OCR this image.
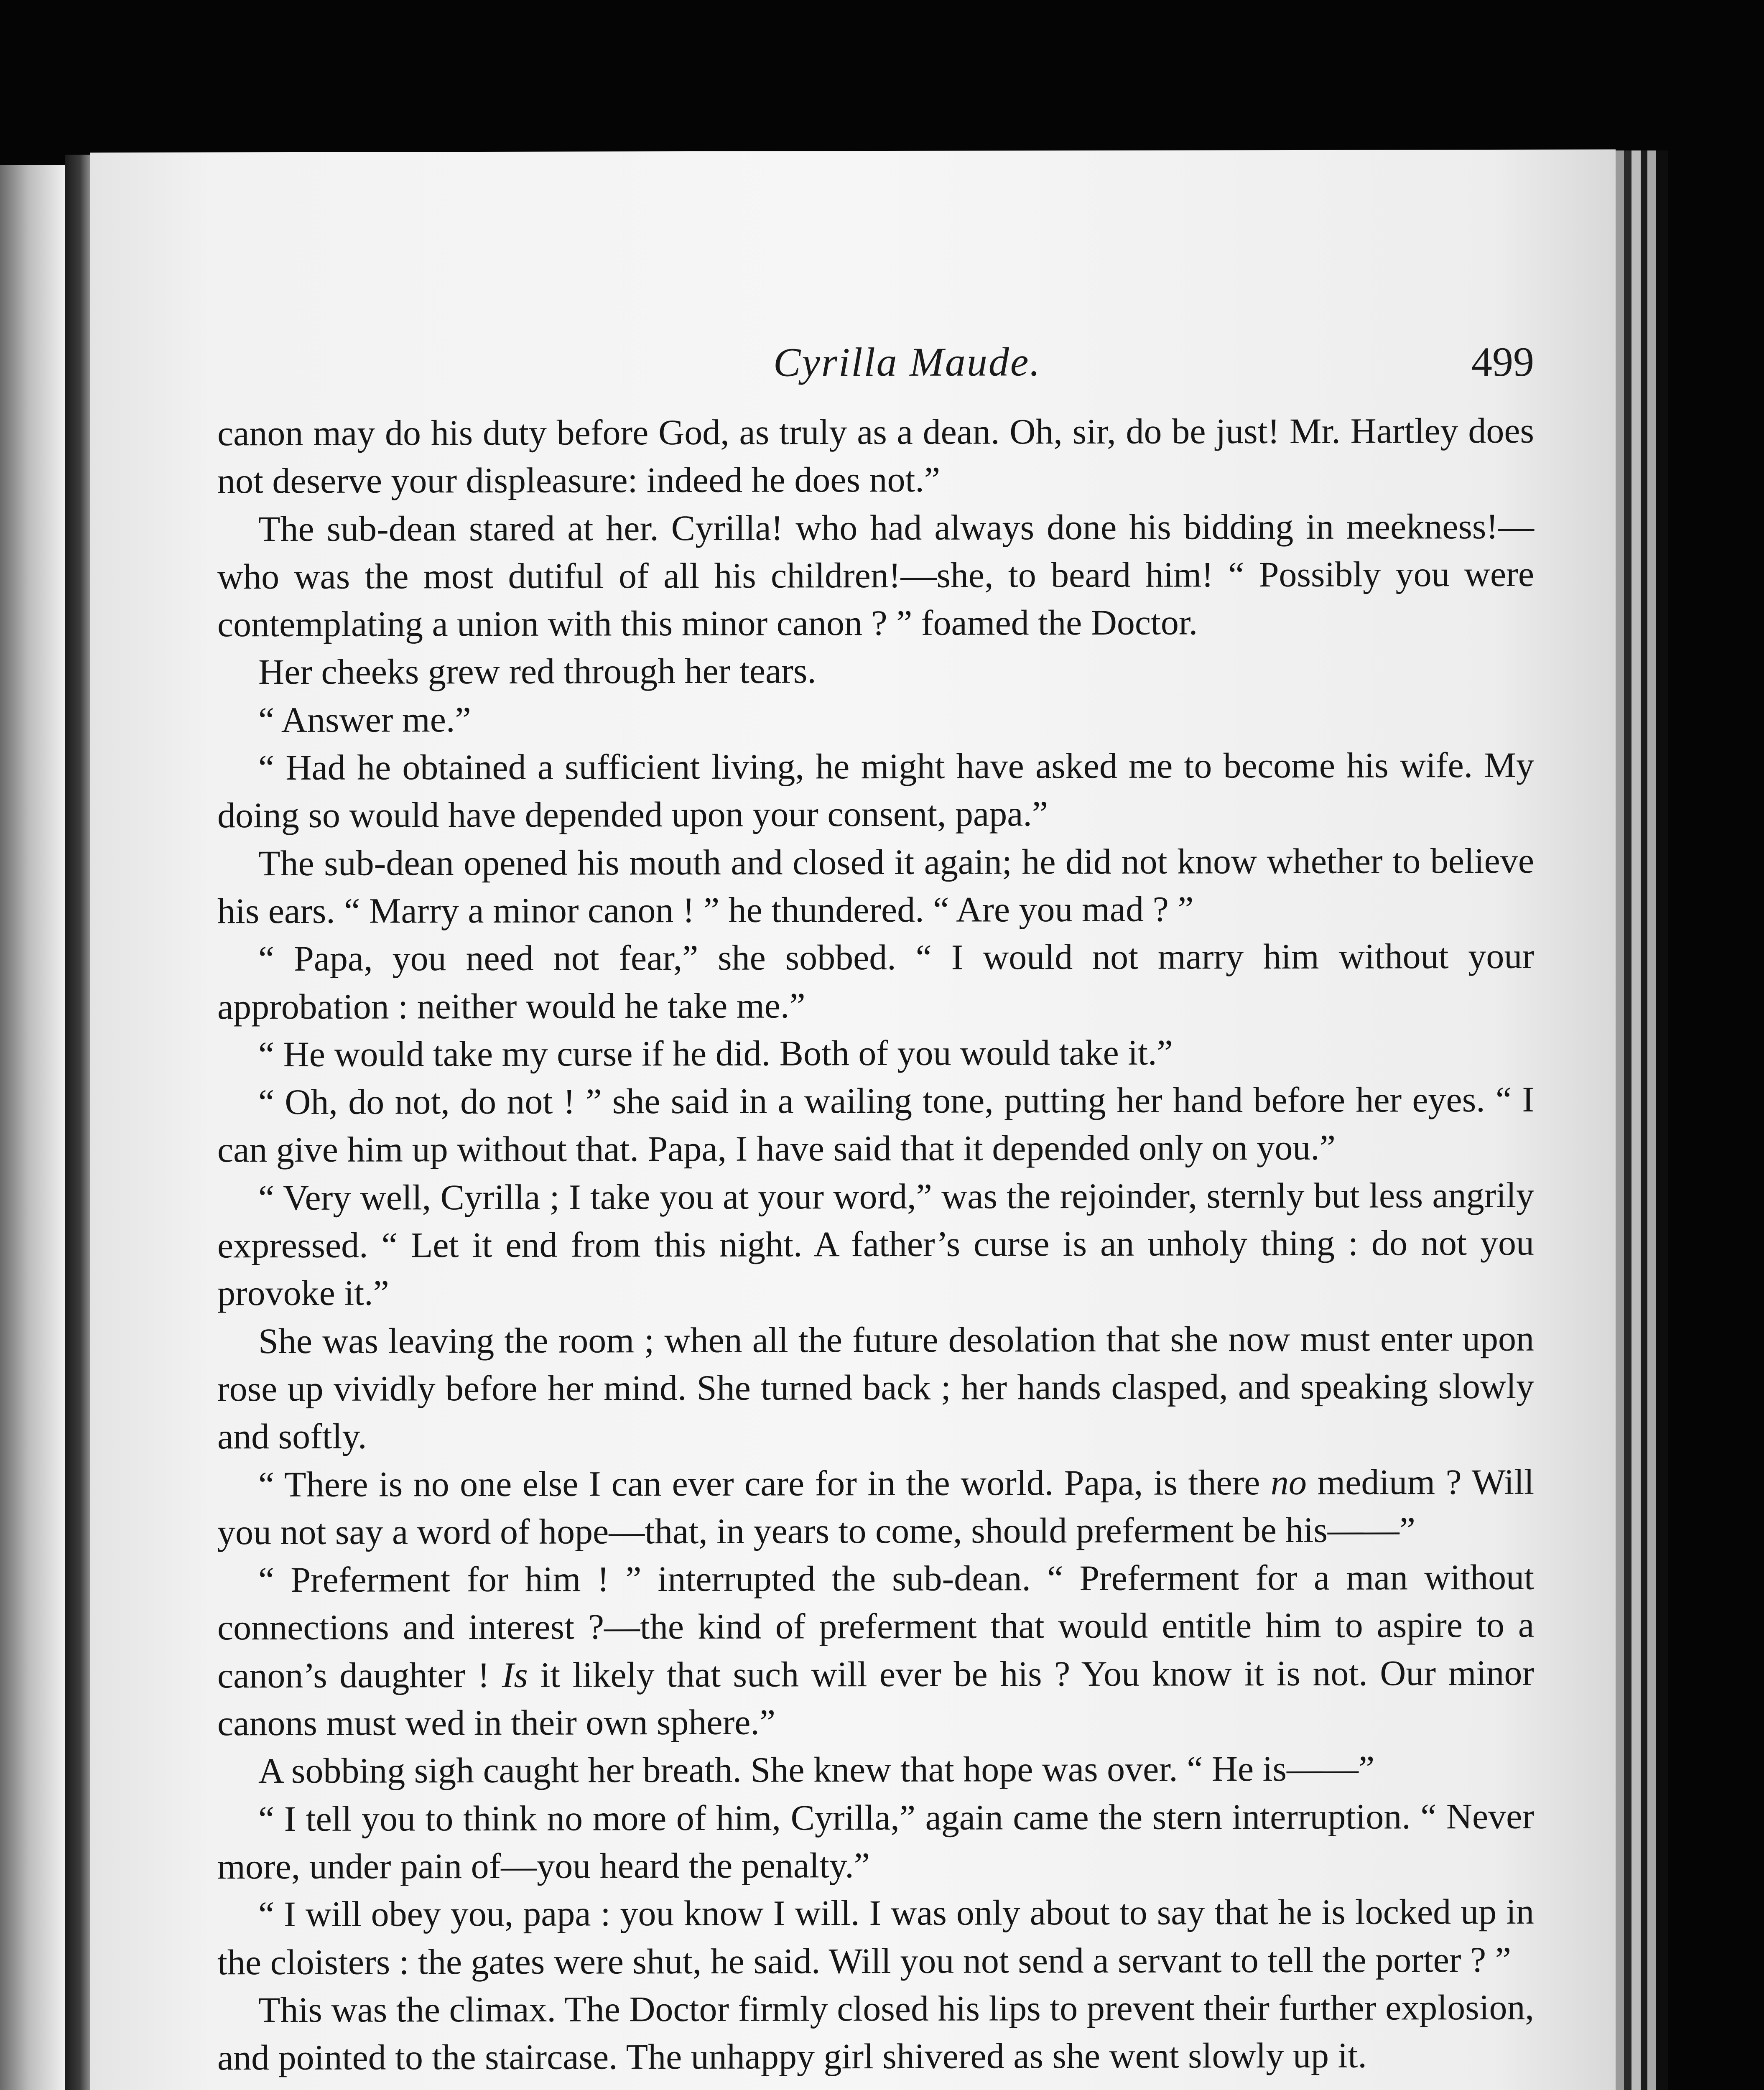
Cyrilla Maude.	499

canon may do his duty before God, as truly as a dean. Oh, sir, do be just! Mr. Hartley does not deserve your displeasure: indeed he does not.”

The sub-dean stared at her. Cyrilla! who had always done his bidding in meekness!—who was the most dutiful of all his children!—she, to beard him! “ Possibly you were contemplating a union with this minor canon ? ” foamed the Doctor.

Her cheeks grew red through her tears.

“ Answer me.”

“ Had he obtained a sufficient living, he might have asked me to become his wife. My doing so would have depended upon your consent, papa.”

The sub-dean opened his mouth and closed it again; he did not know whether to believe his ears. “ Marry a minor canon ! ” he thundered. “ Are you mad ? ”

“ Papa, you need not fear,” she sobbed. “ I would not marry him without your approbation : neither would he take me.”

“ He would take my curse if he did. Both of you would take it.”

“ Oh, do not, do not ! ” she said in a wailing tone, putting her hand before her eyes. “ I can give him up without that. Papa, I have said that it depended only on you.”

“ Very well, Cyrilla ; I take you at your word,” was the rejoinder, sternly but less angrily expressed. “ Let it end from this night. A father’s curse is an unholy thing : do not you provoke it.”

She was leaving the room ; when all the future desolation that she now must enter upon rose up vividly before her mind. She turned back ; her hands clasped, and speaking slowly and softly.

“ There is no one else I can ever care for in the world. Papa, is there no medium ? Will you not say a word of hope—that, in years to come, should preferment be his——”

“ Preferment for him ! ” interrupted the sub-dean. “ Preferment for a man without connections and interest ?—the kind of preferment that would entitle him to aspire to a canon’s daughter ! Is it likely that such will ever be his ? You know it is not. Our minor canons must wed in their own sphere.”

A sobbing sigh caught her breath. She knew that hope was over. “ He is——”

“ I tell you to think no more of him, Cyrilla,” again came the stern interruption. “ Never more, under pain of—you heard the penalty.”

“ I will obey you, papa : you know I will. I was only about to say that he is locked up in the cloisters : the gates were shut, he said. Will you not send a servant to tell the porter ? ”

This was the climax. The Doctor firmly closed his lips to prevent their further explosion, and pointed to the staircase. The unhappy girl shivered as she went slowly up it.
